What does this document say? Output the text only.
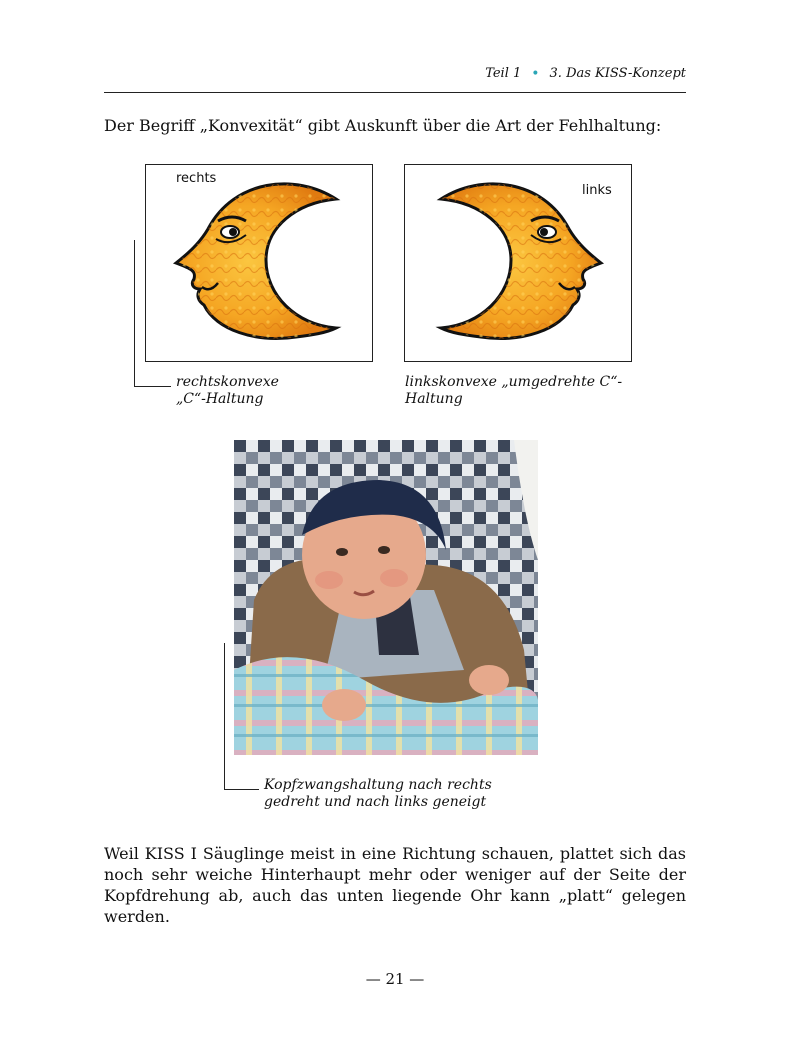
Teil 1 • 3. Das KISS-Konzept
Der Begriff „Konvexität“ gibt Auskunft über die Art der Fehlhaltung:
rechts
links
rechtskonvexe
„C“-Haltung
linkskonvexe „umgedrehte C“-
Haltung
Kopfzwangshaltung nach rechts
gedreht und nach links geneigt
Weil KISS I Säuglinge meist in eine Richtung schauen, plattet sich das noch sehr weiche Hinterhaupt mehr oder weniger auf der Seite der Kopfdrehung ab, auch das unten liegende Ohr kann „platt“ gelegen werden.
— 21 —
